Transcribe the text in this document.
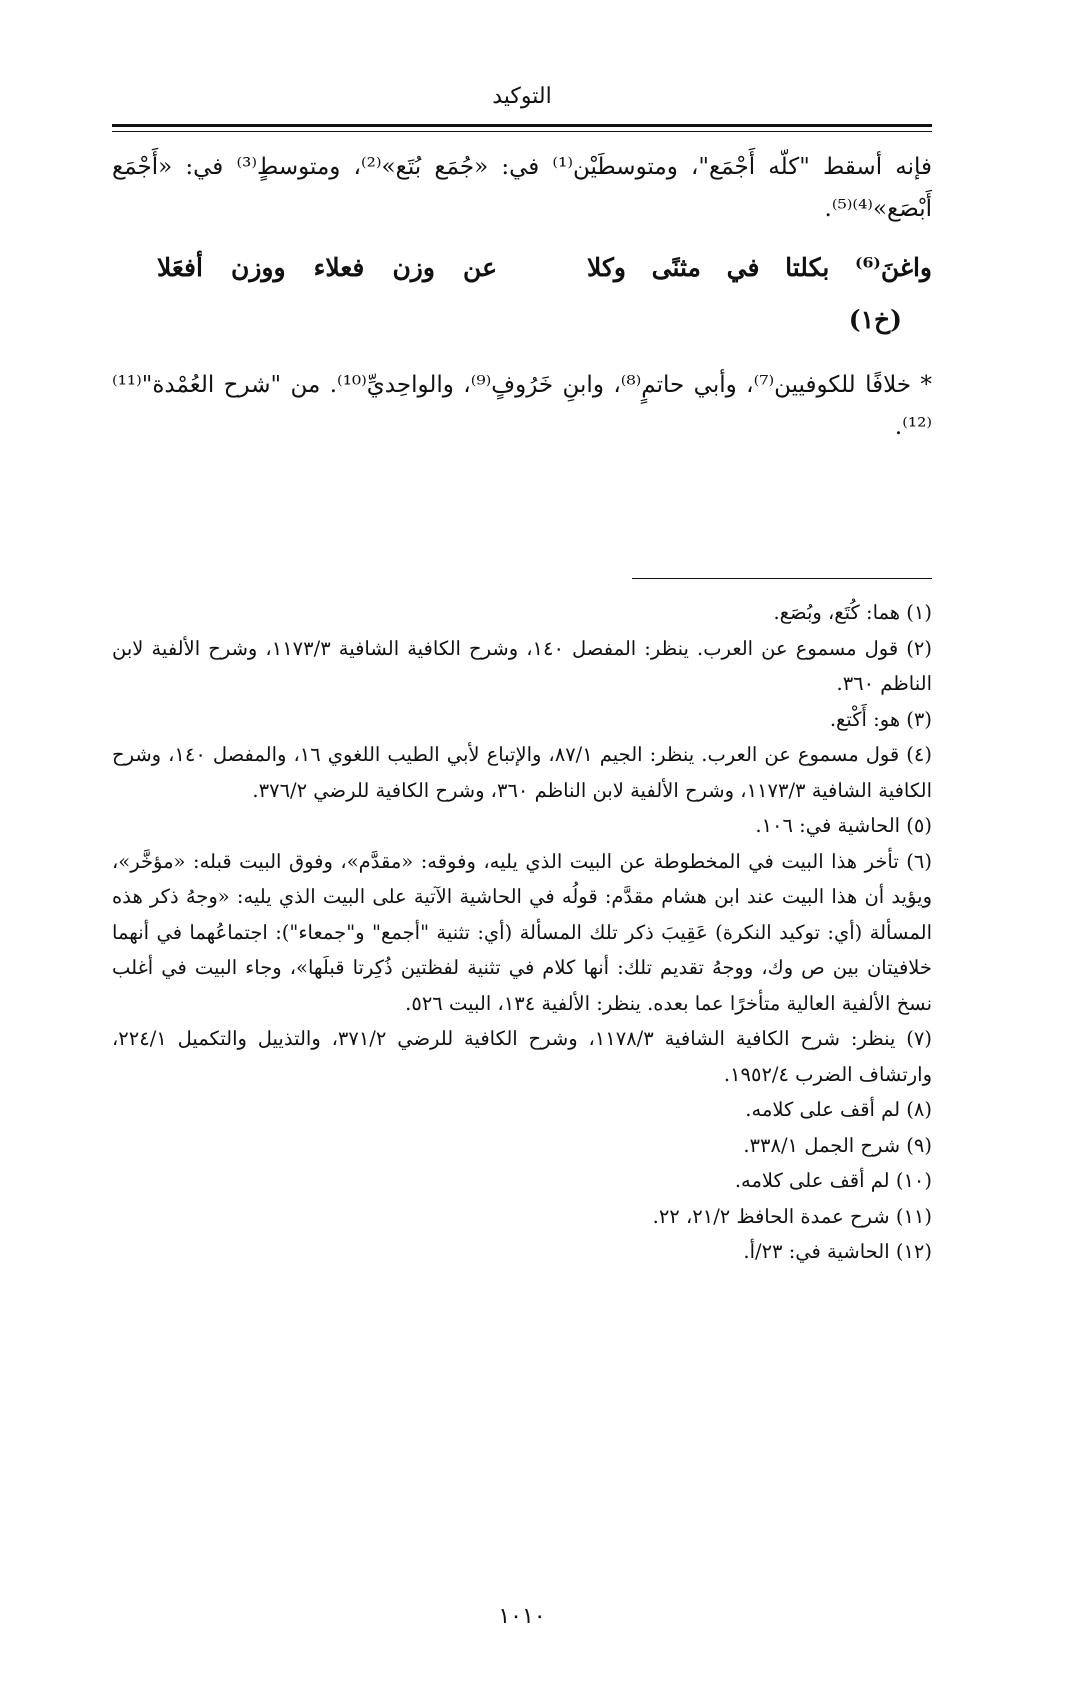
التوكيد

فإنه أسقط "كلّه أَجْمَع"، ومتوسطَيْن⁽¹⁾ في: «جُمَع بُتَع»⁽²⁾، ومتوسطٍ⁽³⁾ في: «أَجْمَع أَبْصَع»⁽⁴⁾⁽⁵⁾.

واغنَ⁽⁶⁾
بكلتا
في
مثنًى
وكلا
عن
وزن
فعلاء
ووزن
أفعَلا
(خ١)

* خلافًا للكوفيين⁽⁷⁾، وأبي حاتمٍ⁽⁸⁾، وابنِ خَرُوفٍ⁽⁹⁾، والواحِديِّ⁽¹⁰⁾. من "شرح العُمْدة"⁽¹¹⁾⁽¹²⁾.

(١) هما: كُتَع، وبُصَع.

(٢) قول مسموع عن العرب. ينظر: المفصل ١٤٠، وشرح الكافية الشافية ١١٧٣/٣، وشرح الألفية لابن الناظم ٣٦٠.

(٣) هو: أَكْتع.

(٤) قول مسموع عن العرب. ينظر: الجيم ٨٧/١، والإتباع لأبي الطيب اللغوي ١٦، والمفصل ١٤٠، وشرح الكافية الشافية ١١٧٣/٣، وشرح الألفية لابن الناظم ٣٦٠، وشرح الكافية للرضي ٣٧٦/٢.

(٥) الحاشية في: ١٠٦.

(٦) تأخر هذا البيت في المخطوطة عن البيت الذي يليه، وفوقه: «مقدَّم»، وفوق البيت قبله: «مؤخَّر»، ويؤيد أن هذا البيت عند ابن هشام مقدَّم: قولُه في الحاشية الآتية على البيت الذي يليه: «وجهُ ذكر هذه المسألة (أي: توكيد النكرة) عَقِيبَ ذكر تلك المسألة (أي: تثنية "أجمع" و"جمعاء"): اجتماعُهما في أنهما خلافيتان بين ص وك، ووجهُ تقديم تلك: أنها كلام في تثنية لفظتين ذُكِرتا قبلَها»، وجاء البيت في أغلب نسخ الألفية العالية متأخرًا عما بعده. ينظر: الألفية ١٣٤، البيت ٥٢٦.

(٧) ينظر: شرح الكافية الشافية ١١٧٨/٣، وشرح الكافية للرضي ٣٧١/٢، والتذييل والتكميل ٢٢٤/١، وارتشاف الضرب ١٩٥٢/٤.

(٨) لم أقف على كلامه.

(٩) شرح الجمل ٣٣٨/١.

(١٠) لم أقف على كلامه.

(١١) شرح عمدة الحافظ ٢١/٢، ٢٢.

(١٢) الحاشية في: ٢٣/أ.

١٠١٠
